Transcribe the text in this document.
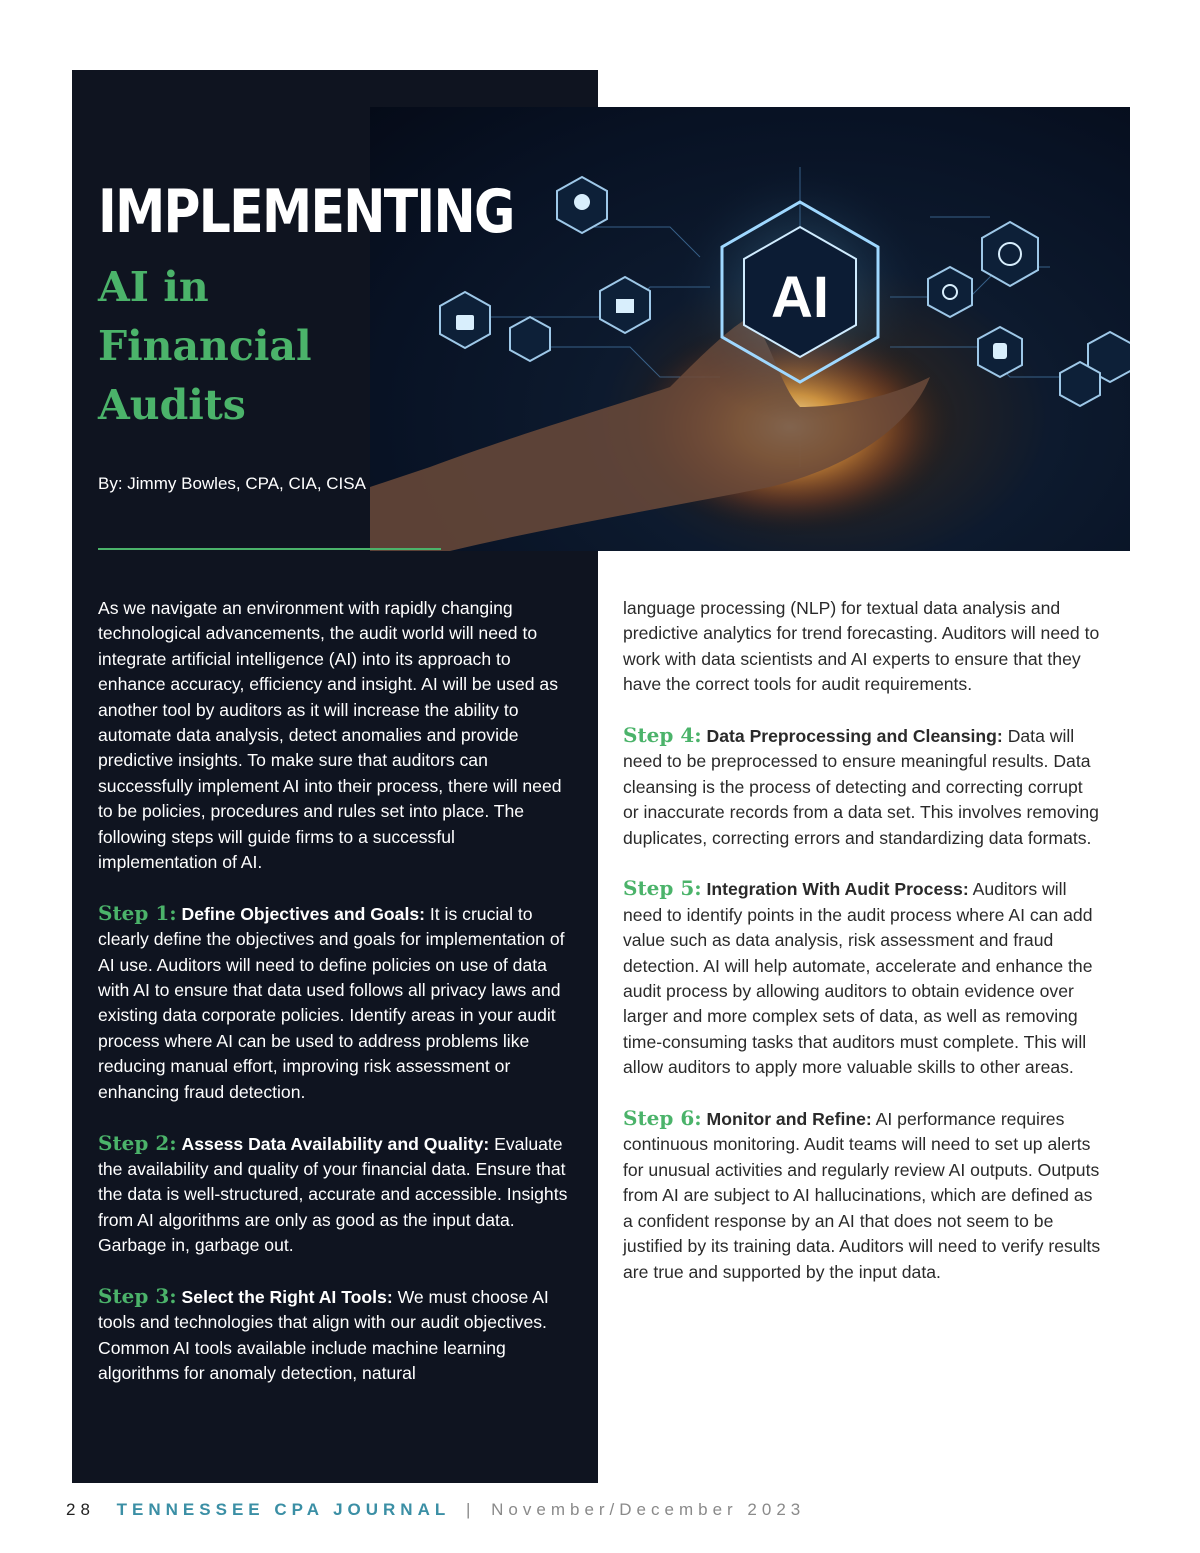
AI
IMPLEMENTING
AI in
Financial
Audits
By: Jimmy Bowles, CPA, CIA, CISA

As we navigate an environment with rapidly changing technological advancements, the audit world will need to integrate artificial intelligence (AI) into its approach to enhance accuracy, efficiency and insight. AI will be used as another tool by auditors as it will increase the ability to automate data analysis, detect anomalies and provide predictive insights. To make sure that auditors can successfully implement AI into their process, there will need to be policies, procedures and rules set into place. The following steps will guide firms to a successful implementation of AI.

Step 1: Define Objectives and Goals: It is crucial to clearly define the objectives and goals for implementation of AI use. Auditors will need to define policies on use of data with AI to ensure that data used follows all privacy laws and existing data corporate policies. Identify areas in your audit process where AI can be used to address problems like reducing manual effort, improving risk assessment or enhancing fraud detection.

Step 2: Assess Data Availability and Quality: Evaluate the availability and quality of your financial data. Ensure that the data is well-structured, accurate and accessible. Insights from AI algorithms are only as good as the input data. Garbage in, garbage out.

Step 3: Select the Right AI Tools: We must choose AI tools and technologies that align with our audit objectives. Common AI tools available include machine learning algorithms for anomaly detection, natural

language processing (NLP) for textual data analysis and predictive analytics for trend forecasting. Auditors will need to work with data scientists and AI experts to ensure that they have the correct tools for audit requirements.

Step 4: Data Preprocessing and Cleansing: Data will need to be preprocessed to ensure meaningful results. Data cleansing is the process of detecting and correcting corrupt or inaccurate records from a data set. This involves removing duplicates, correcting errors and standardizing data formats.

Step 5: Integration With Audit Process: Auditors will need to identify points in the audit process where AI can add value such as data analysis, risk assessment and fraud detection. AI will help automate, accelerate and enhance the audit process by allowing auditors to obtain evidence over larger and more complex sets of data, as well as removing time-consuming tasks that auditors must complete. This will allow auditors to apply more valuable skills to other areas.

Step 6: Monitor and Refine: AI performance requires continuous monitoring. Audit teams will need to set up alerts for unusual activities and regularly review AI outputs. Outputs from AI are subject to AI hallucinations, which are defined as a confident response by an AI that does not seem to be justified by its training data. Auditors will need to verify results are true and supported by the input data.

28 TENNESSEE CPA JOURNAL | November/December 2023
